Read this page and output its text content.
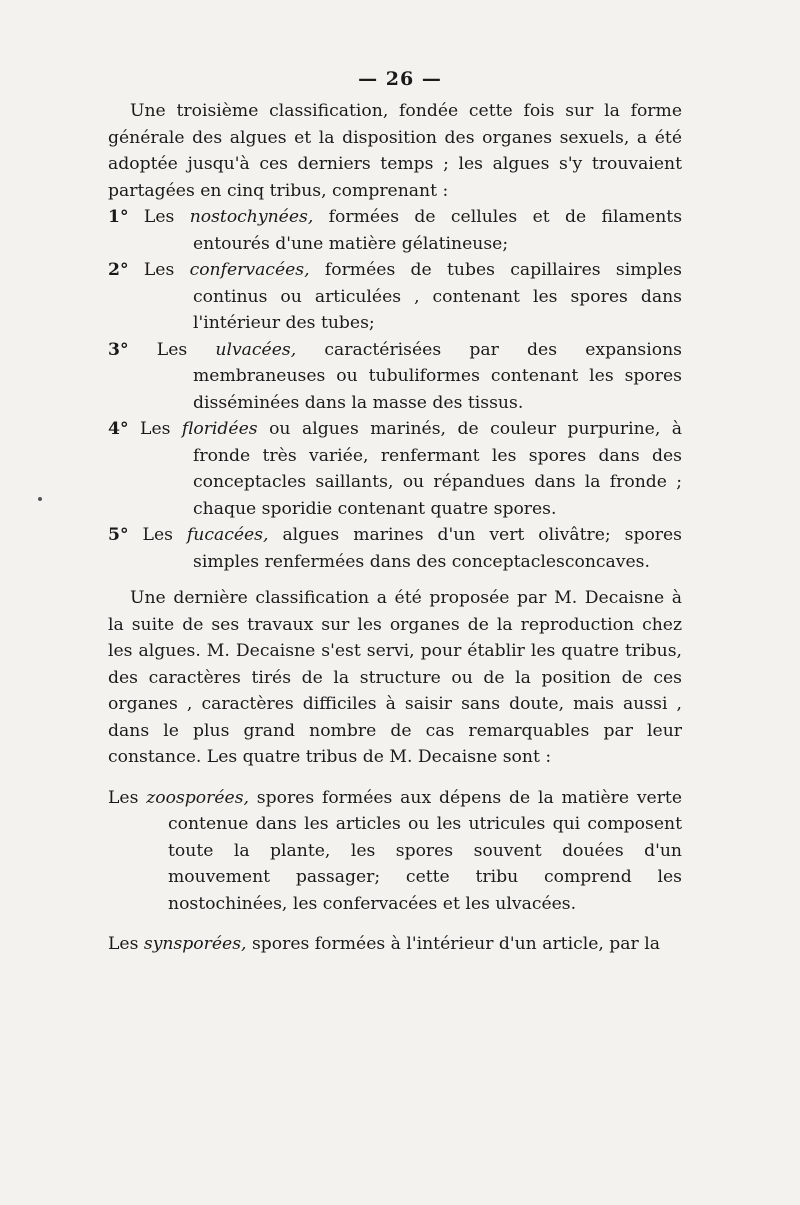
— 26 —

Une troisième classification, fondée cette fois sur la forme générale des algues et la disposition des organes sexuels, a été adoptée jusqu'à ces derniers temps ; les algues s'y trouvaient partagées en cinq tribus, comprenant :

1° Les nostochynées, formées de cellules et de filaments entourés d'une matière gélatineuse;

2° Les confervacées, formées de tubes capillaires simples continus ou articulées , contenant les spores dans l'intérieur des tubes;

3° Les ulvacées, caractérisées par des expansions membraneuses ou tubuliformes contenant les spores disséminées dans la masse des tissus.

4° Les floridées ou algues marinés, de couleur purpurine, à fronde très variée, renfermant les spores dans des conceptacles saillants, ou répandues dans la fronde ; chaque sporidie contenant quatre spores.

5° Les fucacées, algues marines d'un vert olivâtre; spores simples renfermées dans des conceptaclesconcaves.

Une dernière classification a été proposée par M. Decaisne à la suite de ses travaux sur les organes de la reproduction chez les algues. M. Decaisne s'est servi, pour établir les quatre tribus, des caractères tirés de la structure ou de la position de ces organes , caractères difficiles à saisir sans doute, mais aussi , dans le plus grand nombre de cas remarquables par leur constance. Les quatre tribus de M. Decaisne sont :

Les zoosporées, spores formées aux dépens de la matière verte contenue dans les articles ou les utricules qui composent toute la plante, les spores souvent douées d'un mouvement passager; cette tribu comprend les nostochinées, les confervacées et les ulvacées.

Les synsporées, spores formées à l'intérieur d'un article, par la
